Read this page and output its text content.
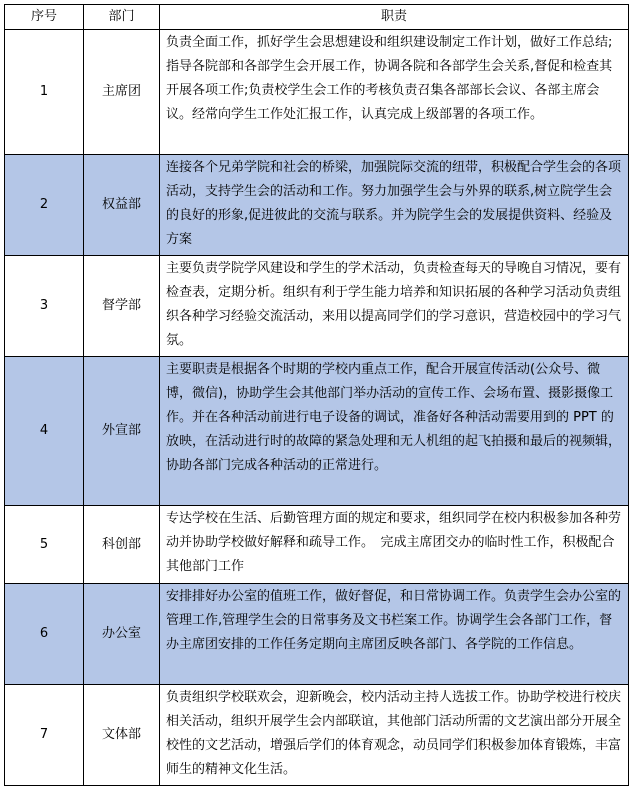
序号	部门	职责
1	主席团	负责全面工作，抓好学生会思想建设和组织建设制定工作计划，做好工作总结;指导各院部和各部学生会开展工作，协调各院和各部学生会关系,督促和检查其开展各项工作;负责校学生会工作的考核负责召集各部部长会议、各部主席会议。经常向学生工作处汇报工作，认真完成上级部署的各项工作。
2	权益部	连接各个兄弟学院和社会的桥梁，加强院际交流的纽带，积极配合学生会的各项活动，支持学生会的活动和工作。努力加强学生会与外界的联系,树立院学生会的良好的形象,促进彼此的交流与联系。并为院学生会的发展提供资料、经验及方案
3	督学部	主要负责学院学风建设和学生的学术活动，负责检查每天的导晚自习情况，要有检查表，定期分析。组织有利于学生能力培养和知识拓展的各种学习活动负责组织各种学习经验交流活动，来用以提高同学们的学习意识，营造校园中的学习气氛。
4	外宣部	主要职责是根据各个时期的学校内重点工作，配合开展宣传活动(公众号、微博，微信)，协助学生会其他部门举办活动的宣传工作、会场布置、摄影摄像工作。并在各种活动前进行电子设备的调试，准备好各种活动需要用到的 PPT 的放映，在活动进行时的故障的紧急处理和无人机组的起飞拍摄和最后的视频辑，协助各部门完成各种活动的正常进行。
5	科创部	专达学校在生活、后勤管理方面的规定和要求，组织同学在校内积极参加各种劳动并协助学校做好解释和疏导工作。　完成主席团交办的临时性工作，积极配合其他部门工作
6	办公室	安排排好办公室的值班工作，做好督促，和日常协调工作。负责学生会办公室的管理工作,管理学生会的日常事务及文书栏案工作。协调学生会各部门工作，督办主席团安排的工作任务定期向主席团反映各部门、各学院的工作信息。
7	文体部	负责组织学校联欢会，迎新晚会，校内活动主持人选拔工作。协助学校进行校庆相关活动，组织开展学生会内部联谊，其他部门活动所需的文艺演出部分开展全校性的文艺活动，增强后学们的体育观念，动员同学们积极参加体育锻炼，丰富师生的精神文化生活。
